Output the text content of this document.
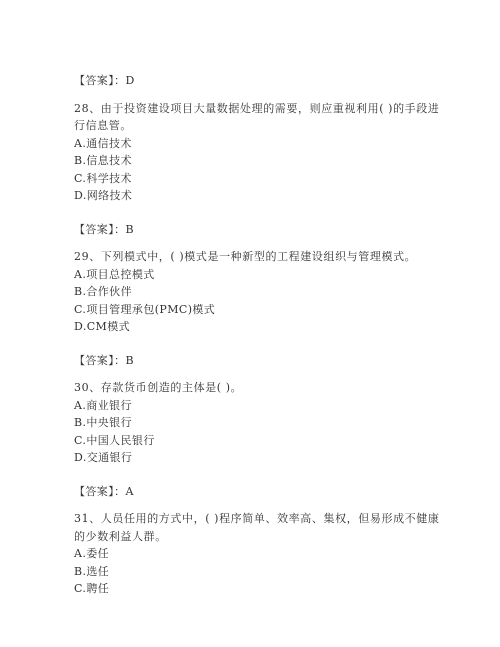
【答案】：D
28、由于投资建设项目大量数据处理的需要，则应重视利用( )的手段进行信息管。
A.通信技术
B.信息技术
C.科学技术
D.网络技术
【答案】：B
29、下列模式中，( )模式是一种新型的工程建设组织与管理模式。
A.项目总控模式
B.合作伙伴
C.项目管理承包(PMC)模式
D.CM模式
【答案】：B
30、存款货币创造的主体是( )。
A.商业银行
B.中央银行
C.中国人民银行
D.交通银行
【答案】：A
31、人员任用的方式中，( )程序简单、效率高、集权，但易形成不健康的少数利益人群。
A.委任
B.选任
C.聘任
